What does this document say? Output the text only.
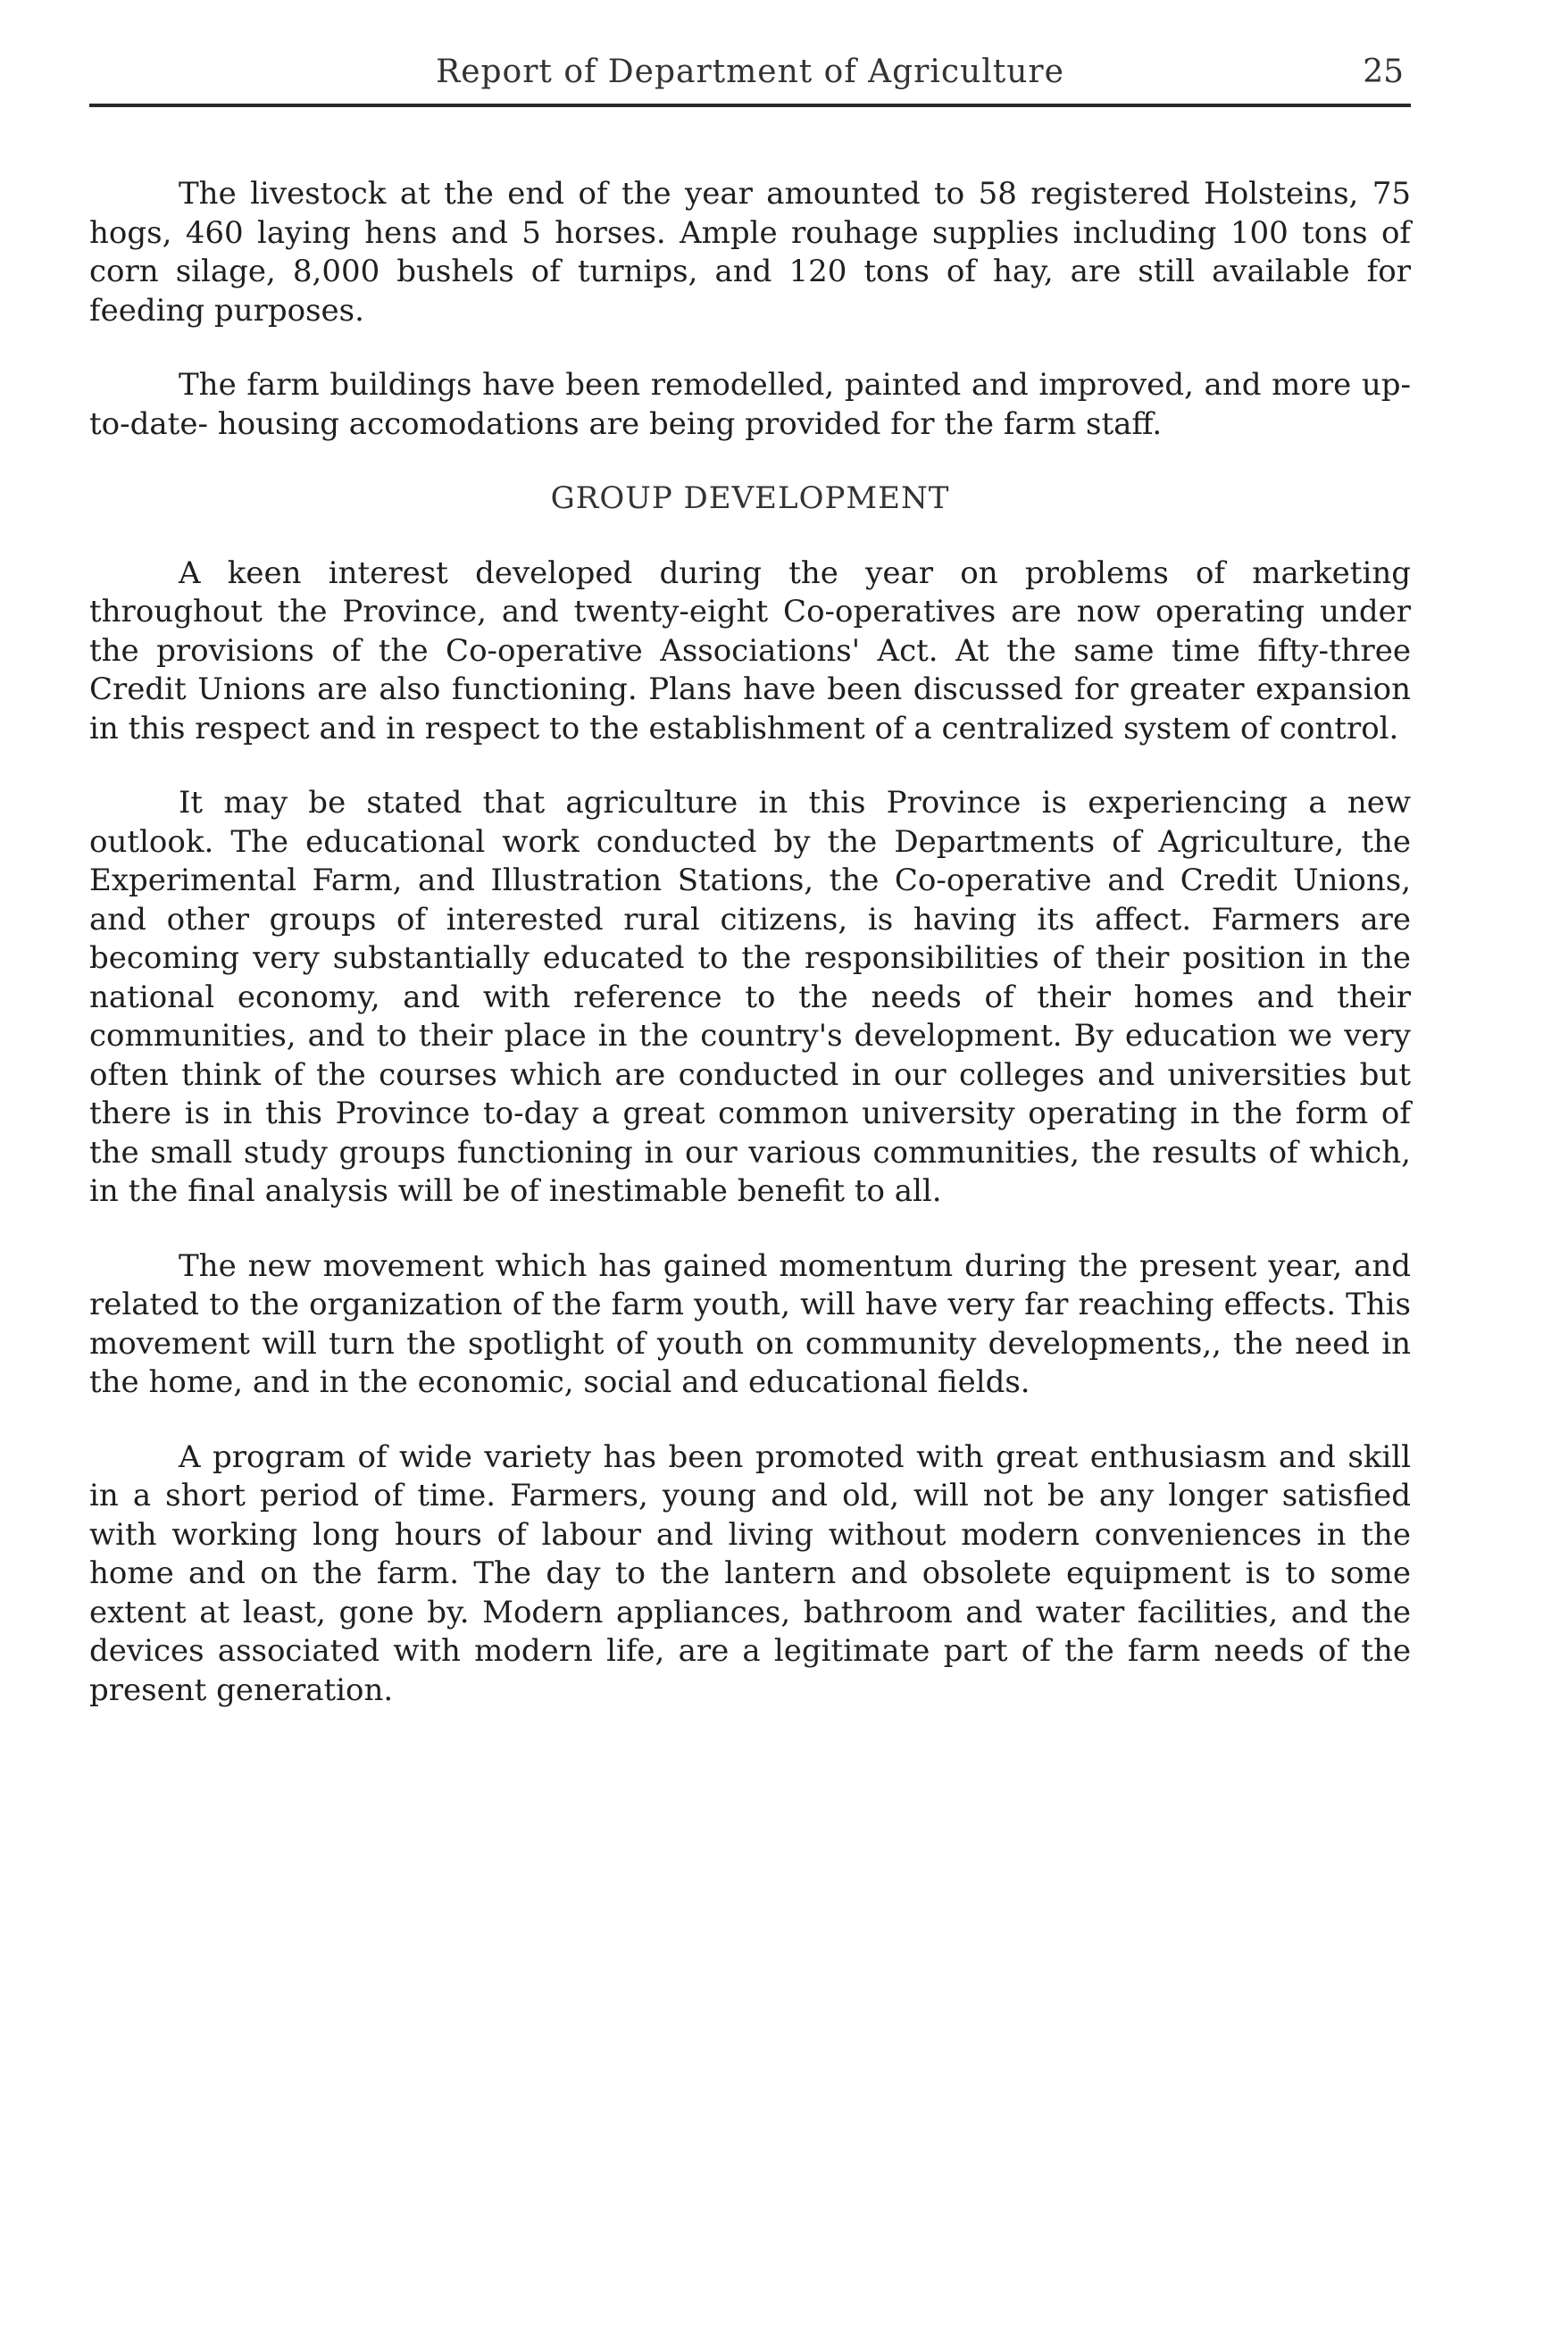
Report of Department of Agriculture	25

The livestock at the end of the year amounted to 58 registered Holsteins, 75 hogs, 460 laying hens and 5 horses. Ample rouhage supplies including 100 tons of corn silage, 8,000 bushels of turnips, and 120 tons of hay, are still available for feeding purposes.

The farm buildings have been remodelled, painted and improved, and more up-to-date- housing accomodations are being provided for the farm staff.

GROUP DEVELOPMENT

A keen interest developed during the year on problems of marketing throughout the Province, and twenty-eight Co-operatives are now operating under the provisions of the Co-operative Associations' Act. At the same time fifty-three Credit Unions are also functioning. Plans have been discussed for greater expansion in this respect and in respect to the establishment of a centralized system of control.

It may be stated that agriculture in this Province is experiencing a new outlook. The educational work conducted by the Departments of Agriculture, the Experimental Farm, and Illustration Stations, the Co-operative and Credit Unions, and other groups of interested rural citizens, is having its affect. Farmers are becoming very substantially educated to the responsibilities of their position in the national economy, and with reference to the needs of their homes and their communities, and to their place in the country's development. By education we very often think of the courses which are conducted in our colleges and universities but there is in this Province to-day a great common university operating in the form of the small study groups functioning in our various communities, the results of which, in the final analysis will be of inestimable benefit to all.

The new movement which has gained momentum during the present year, and related to the organization of the farm youth, will have very far reaching effects. This movement will turn the spotlight of youth on community developments,, the need in the home, and in the economic, social and educational fields.

A program of wide variety has been promoted with great enthusiasm and skill in a short period of time. Farmers, young and old, will not be any longer satisfied with working long hours of labour and living without modern conveniences in the home and on the farm. The day to the lantern and obsolete equipment is to some extent at least, gone by. Modern appliances, bathroom and water facilities, and the devices associated with modern life, are a legitimate part of the farm needs of the present generation.
